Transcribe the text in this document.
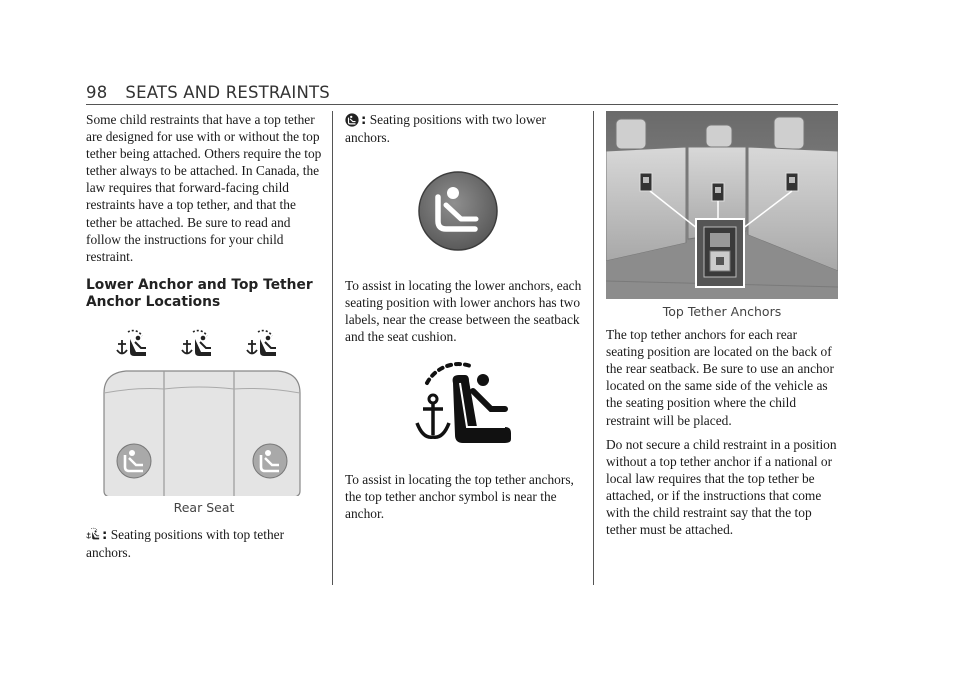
98 SEATS AND RESTRAINTS

Some child restraints that have a top tether are designed for use with or without the top tether being attached. Others require the top tether always to be attached. In Canada, the law requires that forward-facing child restraints have a top tether, and that the tether be attached. Be sure to read and follow the instructions for your child restraint.

Lower Anchor and Top Tether Anchor Locations
Rear Seat

: Seating positions with top tether anchors.

: Seating positions with two lower anchors.

To assist in locating the lower anchors, each seating position with lower anchors has two labels, near the crease between the seatback and the seat cushion.

To assist in locating the top tether anchors, the top tether anchor symbol is near the anchor.

Top Tether Anchors

The top tether anchors for each rear seating position are located on the back of the rear seatback. Be sure to use an anchor located on the same side of the vehicle as the seating position where the child restraint will be placed.

Do not secure a child restraint in a position without a top tether anchor if a national or local law requires that the top tether be attached, or if the instructions that come with the child restraint say that the top tether must be attached.
